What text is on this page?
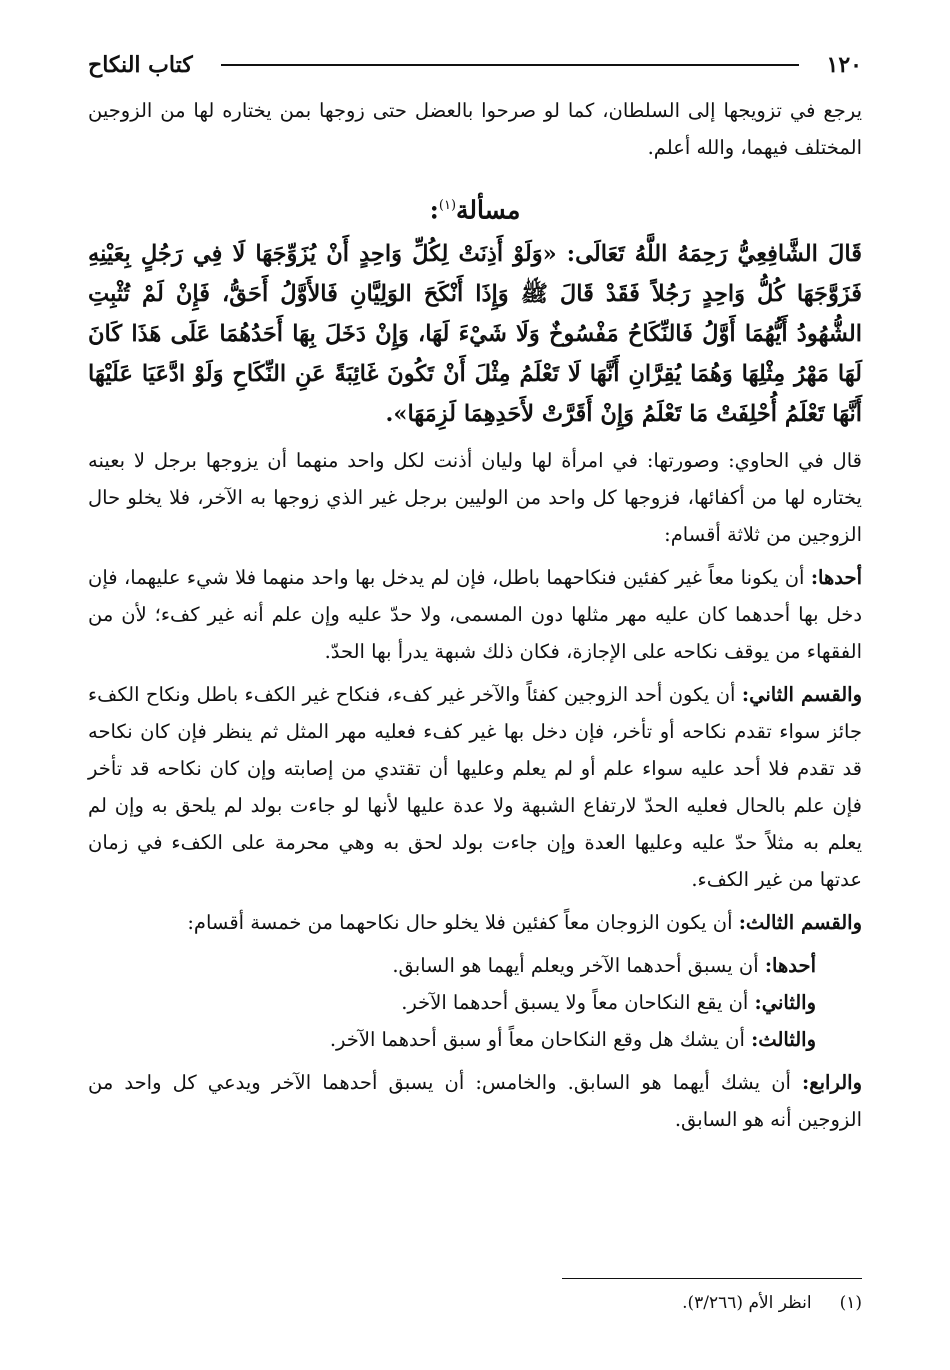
١٢٠
كتاب النكاح

يرجع في تزويجها إلى السلطان، كما لو صرحوا بالعضل حتى زوجها بمن يختاره لها من الزوجين المختلف فيهما، والله أعلم.

مسألة$^{(١)}$:

قَالَ الشَّافِعِيُّ رَحِمَهُ اللَّهُ تَعَالَى: «وَلَوْ أَذِنَتْ لِكُلِّ وَاحِدٍ أَنْ يُزَوِّجَهَا لَا فِي رَجُلٍ بِعَيْنِهِ فَزَوَّجَهَا كُلُّ وَاحِدٍ رَجُلاً فَقَدْ قَالَ ﷺ وَإِذَا أَنْكَحَ الوَلِيَّانِ فَالأَوَّلُ أَحَقُّ، فَإِنْ لَمْ تُثْبِتِ الشُّهُودُ أَيُّهُمَا أَوَّلُ فَالنِّكَاحُ مَفْسُوخٌ وَلَا شَيْءَ لَهَا، وَإِنْ دَخَلَ بِهَا أَحَدُهُمَا عَلَى هَذَا كَانَ لَهَا مَهْرُ مِثْلِهَا وَهُمَا يُقِرَّانِ أَنَّهَا لَا تَعْلَمُ مِثْلَ أَنْ تَكُونَ غَائِبَةً عَنِ النِّكَاحِ وَلَوْ ادَّعَيَا عَلَيْهَا أَنَّهَا تَعْلَمُ أُحْلِفَتْ مَا تَعْلَمُ وَإِنْ أَقَرَّتْ لأَحَدِهِمَا لَزِمَهَا».

قال في الحاوي: وصورتها: في امرأة لها وليان أذنت لكل واحد منهما أن يزوجها برجل لا بعينه يختاره لها من أكفائها، فزوجها كل واحد من الوليين برجل غير الذي زوجها به الآخر، فلا يخلو حال الزوجين من ثلاثة أقسام:

أحدها: أن يكونا معاً غير كفئين فنكاحهما باطل، فإن لم يدخل بها واحد منهما فلا شيء عليهما، فإن دخل بها أحدهما كان عليه مهر مثلها دون المسمى، ولا حدّ عليه وإن علم أنه غير كفء؛ لأن من الفقهاء من يوقف نكاحه على الإجازة، فكان ذلك شبهة يدرأ بها الحدّ.

والقسم الثاني: أن يكون أحد الزوجين كفئاً والآخر غير كفء، فنكاح غير الكفء باطل ونكاح الكفء جائز سواء تقدم نكاحه أو تأخر، فإن دخل بها غير كفء فعليه مهر المثل ثم ينظر فإن كان نكاحه قد تقدم فلا أحد عليه سواء علم أو لم يعلم وعليها أن تقتدي من إصابته وإن كان نكاحه قد تأخر فإن علم بالحال فعليه الحدّ لارتفاع الشبهة ولا عدة عليها لأنها لو جاءت بولد لم يلحق به وإن لم يعلم به مثلاً حدّ عليه وعليها العدة وإن جاءت بولد لحق به وهي محرمة على الكفء في زمان عدتها من غير الكفء.

والقسم الثالث: أن يكون الزوجان معاً كفئين فلا يخلو حال نكاحهما من خمسة أقسام:

أحدها: أن يسبق أحدهما الآخر ويعلم أيهما هو السابق.

والثاني: أن يقع النكاحان معاً ولا يسبق أحدهما الآخر.

والثالث: أن يشك هل وقع النكاحان معاً أو سبق أحدهما الآخر.

والرابع: أن يشك أيهما هو السابق. والخامس: أن يسبق أحدهما الآخر ويدعي كل واحد من الزوجين أنه هو السابق.

(١)انظر الأم (٣/٢٦٦).
